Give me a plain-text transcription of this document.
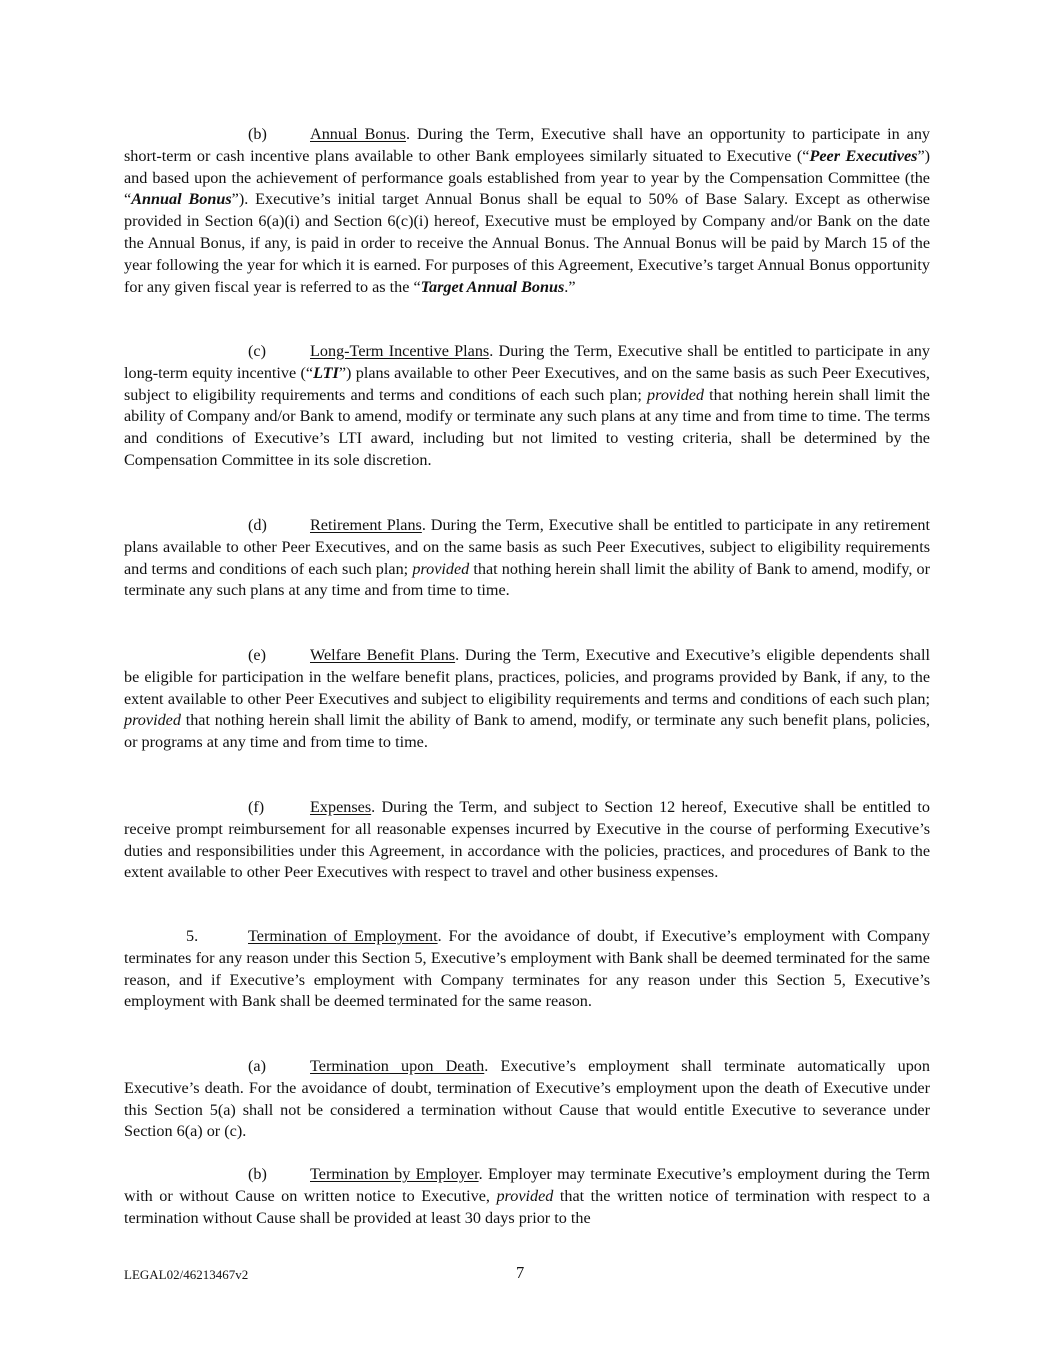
(b)	Annual Bonus. During the Term, Executive shall have an opportunity to participate in any short-term or cash incentive plans available to other Bank employees similarly situated to Executive (“Peer Executives”) and based upon the achievement of performance goals established from year to year by the Compensation Committee (the “Annual Bonus”). Executive’s initial target Annual Bonus shall be equal to 50% of Base Salary. Except as otherwise provided in Section 6(a)(i) and Section 6(c)(i) hereof, Executive must be employed by Company and/or Bank on the date the Annual Bonus, if any, is paid in order to receive the Annual Bonus. The Annual Bonus will be paid by March 15 of the year following the year for which it is earned. For purposes of this Agreement, Executive’s target Annual Bonus opportunity for any given fiscal year is referred to as the “Target Annual Bonus.”

(c)	Long-Term Incentive Plans. During the Term, Executive shall be entitled to participate in any long-term equity incentive (“LTI”) plans available to other Peer Executives, and on the same basis as such Peer Executives, subject to eligibility requirements and terms and conditions of each such plan; provided that nothing herein shall limit the ability of Company and/or Bank to amend, modify or terminate any such plans at any time and from time to time. The terms and conditions of Executive’s LTI award, including but not limited to vesting criteria, shall be determined by the Compensation Committee in its sole discretion.

(d)	Retirement Plans. During the Term, Executive shall be entitled to participate in any retirement plans available to other Peer Executives, and on the same basis as such Peer Executives, subject to eligibility requirements and terms and conditions of each such plan; provided that nothing herein shall limit the ability of Bank to amend, modify, or terminate any such plans at any time and from time to time.

(e)	Welfare Benefit Plans. During the Term, Executive and Executive’s eligible dependents shall be eligible for participation in the welfare benefit plans, practices, policies, and programs provided by Bank, if any, to the extent available to other Peer Executives and subject to eligibility requirements and terms and conditions of each such plan; provided that nothing herein shall limit the ability of Bank to amend, modify, or terminate any such benefit plans, policies, or programs at any time and from time to time.

(f)	Expenses. During the Term, and subject to Section 12 hereof, Executive shall be entitled to receive prompt reimbursement for all reasonable expenses incurred by Executive in the course of performing Executive’s duties and responsibilities under this Agreement, in accordance with the policies, practices, and procedures of Bank to the extent available to other Peer Executives with respect to travel and other business expenses.

5.	Termination of Employment. For the avoidance of doubt, if Executive’s employment with Company terminates for any reason under this Section 5, Executive’s employment with Bank shall be deemed terminated for the same reason, and if Executive’s employment with Company terminates for any reason under this Section 5, Executive’s employment with Bank shall be deemed terminated for the same reason.

(a)	Termination upon Death. Executive’s employment shall terminate automatically upon Executive’s death. For the avoidance of doubt, termination of Executive’s employment upon the death of Executive under this Section 5(a) shall not be considered a termination without Cause that would entitle Executive to severance under Section 6(a) or (c).

(b)	Termination by Employer. Employer may terminate Executive’s employment during the Term with or without Cause on written notice to Executive, provided that the written notice of termination with respect to a termination without Cause shall be provided at least 30 days prior to the

LEGAL02/46213467v2	7
